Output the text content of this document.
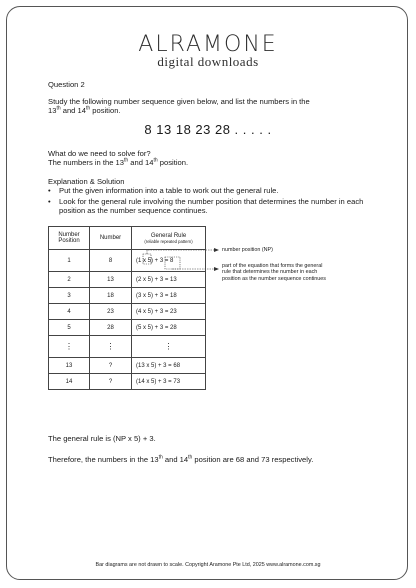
ALRAMONE
digital downloads
Question 2
Study the following number sequence given below, and list the numbers in the
13th and 14th position.
8 13 18 23 28 . . . . .
What do we need to solve for?
The numbers in the 13th and 14th position.
Explanation & Solution
•	Put the given information into a table to work out the general rule.
•	Look for the general rule involving the number position that determines the number in each position as the number sequence continues.
Number Position	Number	General Rule
(reliable repeated pattern)

1	8	(1 x 5) + 3 = 8
2	13	(2 x 5) + 3 = 13
3	18	(3 x 5) + 3 = 18
4	23	(4 x 5) + 3 = 23
5	28	(5 x 5) + 3 = 28
⋮	⋮	⋮
13	?	(13 x 5) + 3 = 68
14	?	(14 x 5) + 3 = 73
number position (NP)
part of the equation that forms the general
rule that determines the number in each
position as the number sequence continues
The general rule is (NP x 5) + 3.
Therefore, the numbers in the 13th and 14th position are 68 and 73 respectively.
Bar diagrams are not drawn to scale. Copyright Aramone Pte Ltd, 2025 www.alramone.com.sg
